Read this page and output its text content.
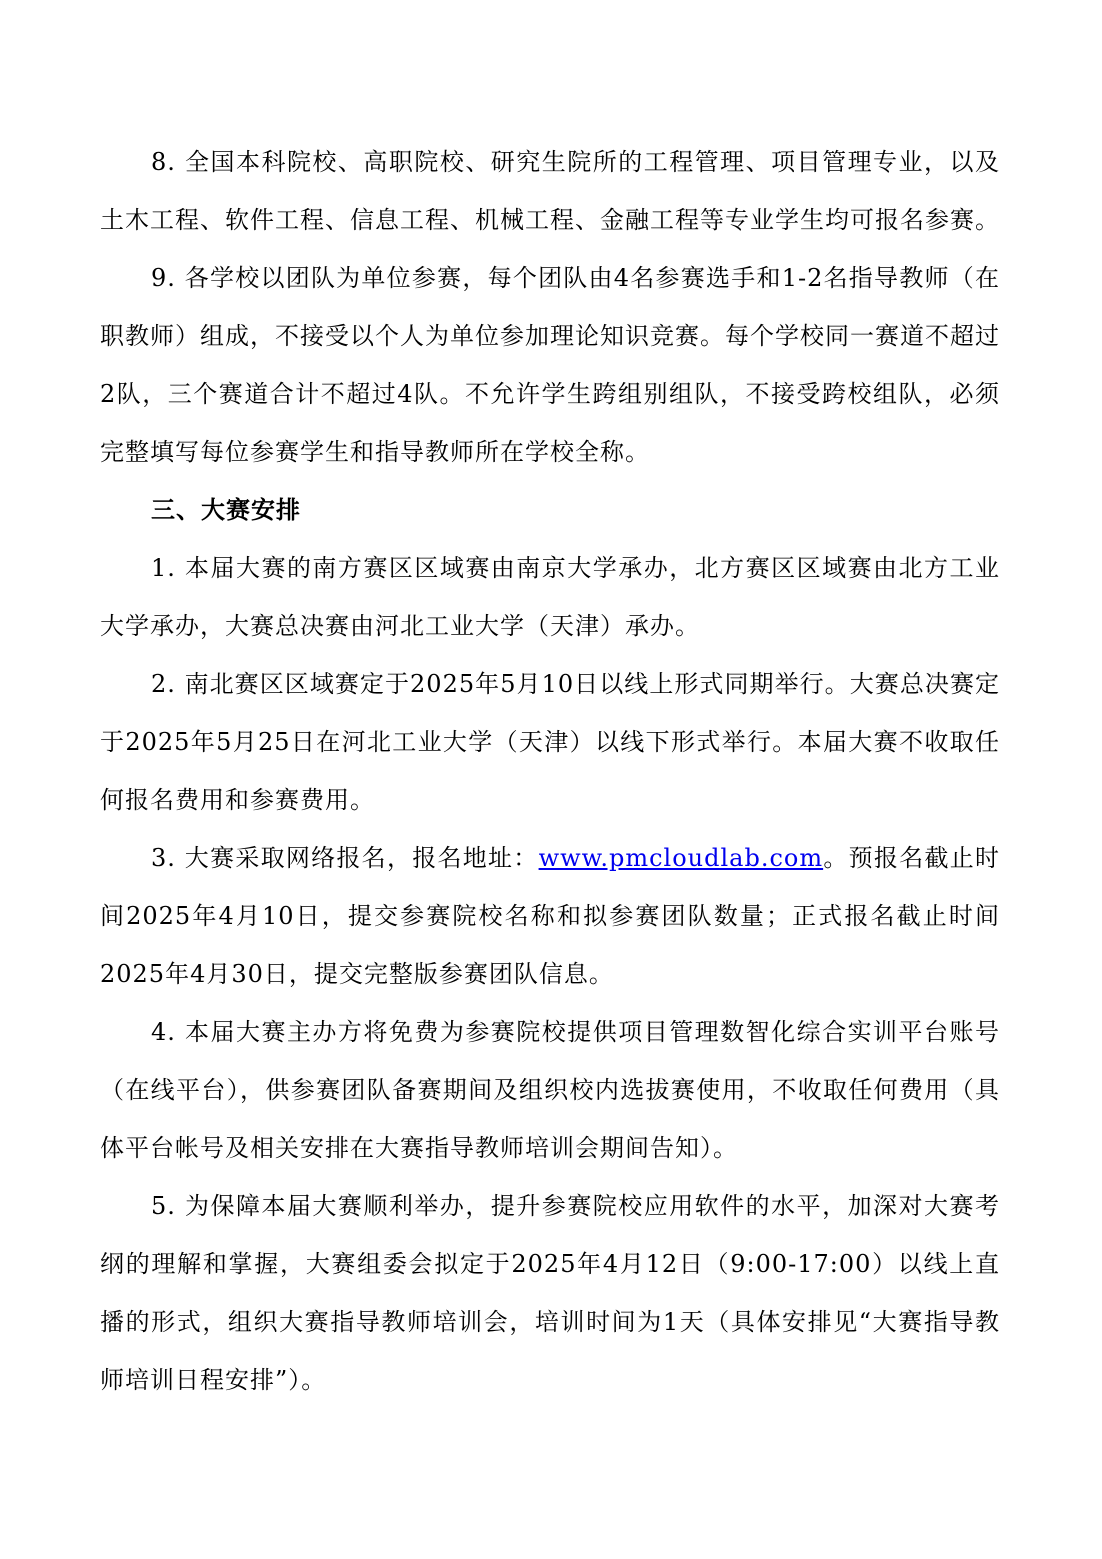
8. 全国本科院校、高职院校、研究生院所的工程管理、项目管理专业，以及土木工程、软件工程、信息工程、机械工程、金融工程等专业学生均可报名参赛。

9. 各学校以团队为单位参赛，每个团队由4名参赛选手和1-2名指导教师（在职教师）组成，不接受以个人为单位参加理论知识竞赛。每个学校同一赛道不超过2队，三个赛道合计不超过4队。不允许学生跨组别组队，不接受跨校组队，必须完整填写每位参赛学生和指导教师所在学校全称。

三、大赛安排

1. 本届大赛的南方赛区区域赛由南京大学承办，北方赛区区域赛由北方工业大学承办，大赛总决赛由河北工业大学（天津）承办。

2. 南北赛区区域赛定于2025年5月10日以线上形式同期举行。大赛总决赛定于2025年5月25日在河北工业大学（天津）以线下形式举行。本届大赛不收取任何报名费用和参赛费用。

3. 大赛采取网络报名，报名地址：www.pmcloudlab.com。预报名截止时间2025年4月10日，提交参赛院校名称和拟参赛团队数量；正式报名截止时间2025年4月30日，提交完整版参赛团队信息。

4. 本届大赛主办方将免费为参赛院校提供项目管理数智化综合实训平台账号（在线平台），供参赛团队备赛期间及组织校内选拔赛使用，不收取任何费用（具体平台帐号及相关安排在大赛指导教师培训会期间告知）。

5. 为保障本届大赛顺利举办，提升参赛院校应用软件的水平，加深对大赛考纲的理解和掌握，大赛组委会拟定于2025年4月12日（9:00-17:00）以线上直播的形式，组织大赛指导教师培训会，培训时间为1天（具体安排见“大赛指导教师培训日程安排”）。
